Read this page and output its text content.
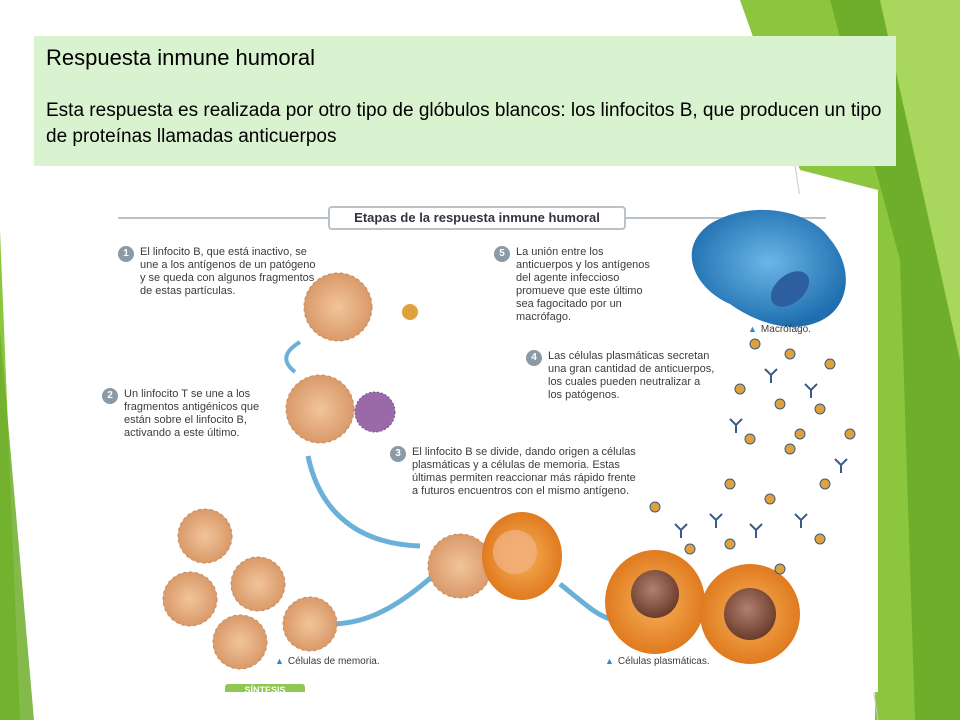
Respuesta inmune humoral

Esta respuesta es realizada por otro tipo de glóbulos blancos: los linfocitos B, que producen un tipo de proteínas llamadas anticuerpos

Etapas de la respuesta inmune humoral
1	El linfocito B, que está inactivo, se une a los antígenos de un patógeno y se queda con algunos fragmentos de estas partículas.
2	Un linfocito T se une a los fragmentos antigénicos que están sobre el linfocito B, activando a este último.
3	El linfocito B se divide, dando origen a células plasmáticas y a células de memoria. Estas últimas permiten reaccionar más rápido frente a futuros encuentros con el mismo antígeno.
4	Las células plasmáticas secretan una gran cantidad de anticuerpos, los cuales pueden neutralizar a los patógenos.
5	La unión entre los anticuerpos y los antígenos del agente infeccioso promueve que este último sea fagocitado por un macrófago.
▲ Macrófago.
▲ Células de memoria.	▲ Células plasmáticas.
SÍNTESIS
